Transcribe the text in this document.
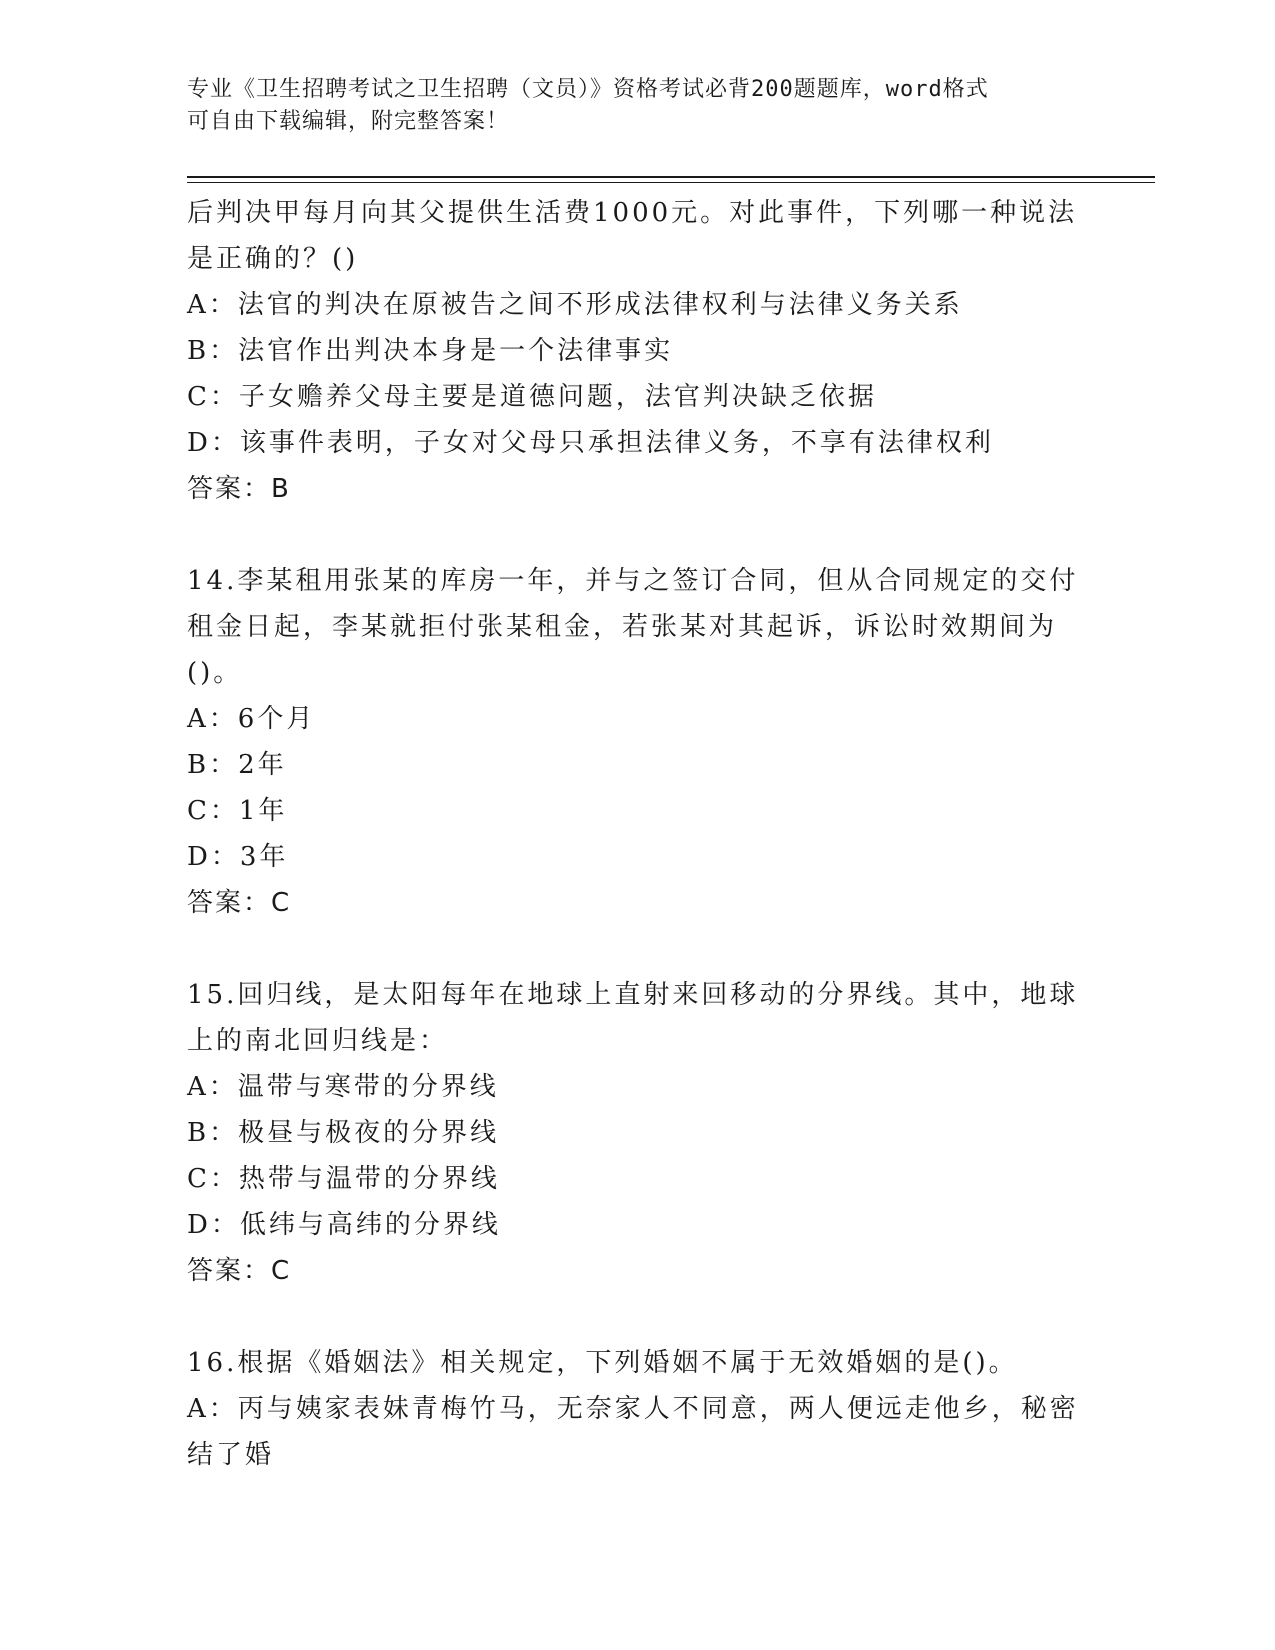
专业《卫生招聘考试之卫生招聘（文员）》资格考试必背200题题库，word格式
可自由下载编辑，附完整答案！
后判决甲每月向其父提供生活费1000元。对此事件，下列哪一种说法
是正确的？()
A：法官的判决在原被告之间不形成法律权利与法律义务关系
B：法官作出判决本身是一个法律事实
C：子女赡养父母主要是道德问题，法官判决缺乏依据
D：该事件表明，子女对父母只承担法律义务，不享有法律权利
答案：B
14.李某租用张某的库房一年，并与之签订合同，但从合同规定的交付
租金日起，李某就拒付张某租金，若张某对其起诉，诉讼时效期间为
()。
A：6个月
B：2年
C：1年
D：3年
答案：C
15.回归线，是太阳每年在地球上直射来回移动的分界线。其中，地球
上的南北回归线是：
A：温带与寒带的分界线
B：极昼与极夜的分界线
C：热带与温带的分界线
D：低纬与高纬的分界线
答案：C
16.根据《婚姻法》相关规定，下列婚姻不属于无效婚姻的是()。
A：丙与姨家表妹青梅竹马，无奈家人不同意，两人便远走他乡，秘密
结了婚
